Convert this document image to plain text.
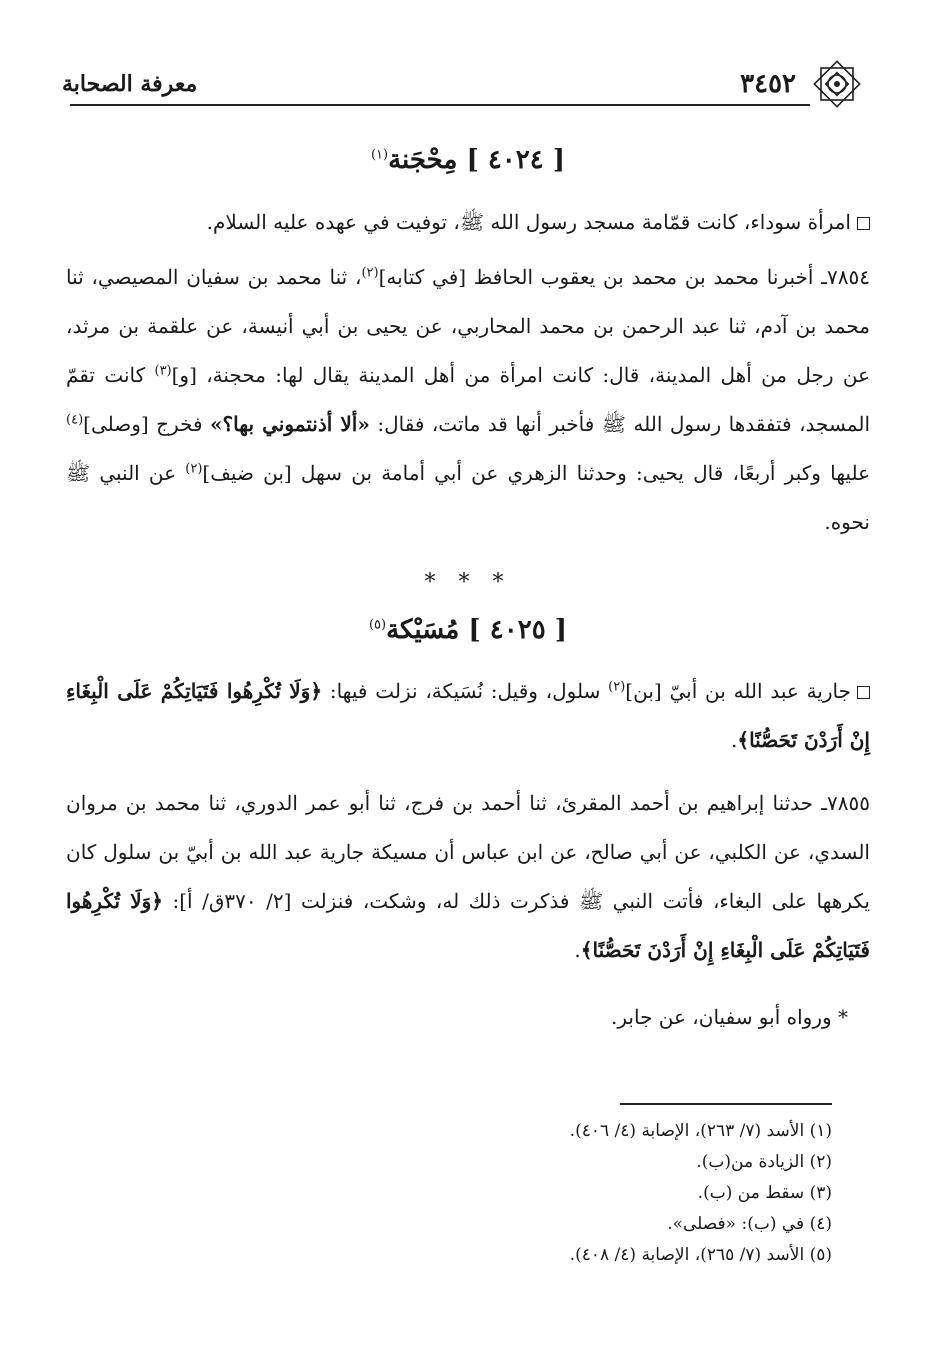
٣٤٥٢
معرفة الصحابة
[ ٤٠٢٤ ] مِحْجَنة$^{(١)}$

امرأة سوداء، كانت قمّامة مسجد رسول الله ﷺ، توفيت في عهده عليه السلام.

٧٨٥٤ـ أخبرنا محمد بن محمد بن يعقوب الحافظ [في كتابه]$^{(٢)}$، ثنا محمد بن سفيان المصيصي، ثنا محمد بن آدم، ثنا عبد الرحمن بن محمد المحاربي، عن يحيى بن أبي أنيسة، عن علقمة بن مرثد، عن رجل من أهل المدينة، قال: كانت امرأة من أهل المدينة يقال لها: محجنة، [و]$^{(٣)}$ كانت تقمّ المسجد، فتفقدها رسول الله ﷺ فأخبر أنها قد ماتت، فقال: «ألا أذنتموني بها؟» فخرج [وصلى]$^{(٤)}$ عليها وكبر أربعًا، قال يحيى: وحدثنا الزهري عن أبي أمامة بن سهل [بن ضيف]$^{(٢)}$ عن النبي ﷺ نحوه.

* * *
[ ٤٠٢٥ ] مُسَيْكة$^{(٥)}$

جارية عبد الله بن أبيّ [بن]$^{(٢)}$ سلول، وقيل: نُسَيكة، نزلت فيها: ﴿وَلَا تُكْرِهُوا فَتَيَاتِكُمْ عَلَى الْبِغَاءِ إِنْ أَرَدْنَ تَحَصُّنًا﴾.

٧٨٥٥ـ حدثنا إبراهيم بن أحمد المقرئ، ثنا أحمد بن فرج، ثنا أبو عمر الدوري، ثنا محمد بن مروان السدي، عن الكلبي، عن أبي صالح، عن ابن عباس أن مسيكة جارية عبد الله بن أبيّ بن سلول كان يكرهها على البغاء، فأتت النبي ﷺ فذكرت ذلك له، وشكت، فنزلت [٢/ ٣٧٠ق/ أ]: ﴿وَلَا تُكْرِهُوا فَتَيَاتِكُمْ عَلَى الْبِغَاءِ إِنْ أَرَدْنَ تَحَصُّنًا﴾.

* ورواه أبو سفيان، عن جابر.

(١) الأسد (٧/ ٢٦٣)، الإصابة (٤/ ٤٠٦).
(٢) الزيادة من(ب).
(٣) سقط من (ب).
(٤) في (ب): «فصلى».
(٥) الأسد (٧/ ٢٦٥)، الإصابة (٤/ ٤٠٨).
